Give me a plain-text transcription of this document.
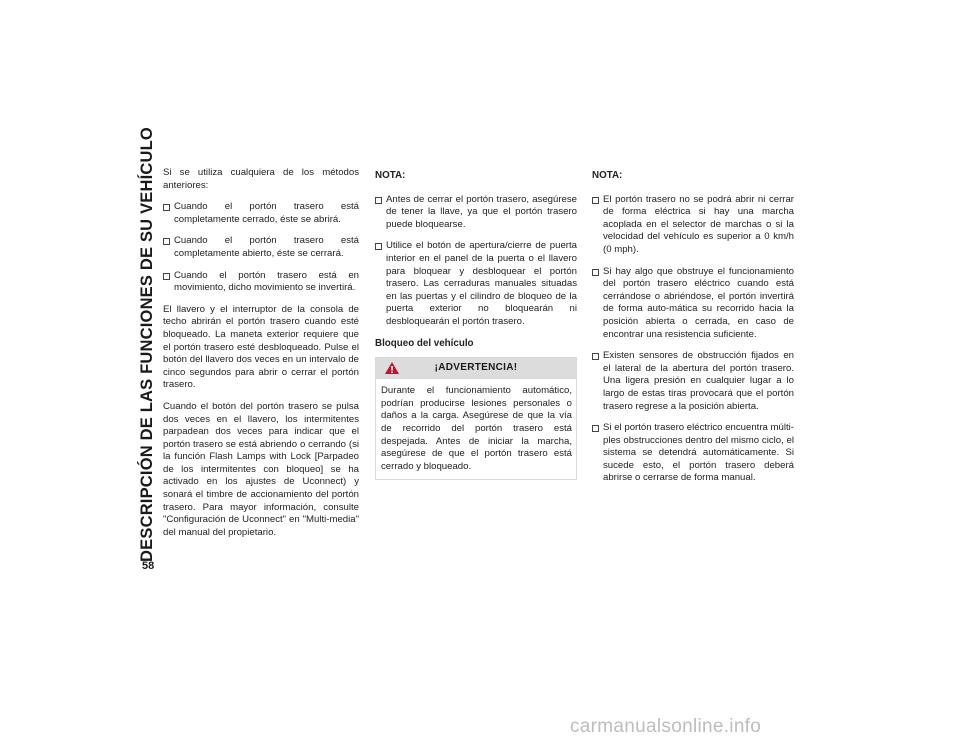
DESCRIPCIÓN DE LAS FUNCIONES DE SU VEHÍCULO
58

Si se utiliza cualquiera de los métodos anteriores:

Cuando el portón trasero está completamente cerrado, éste se abrirá.
Cuando el portón trasero está completamente abierto, éste se cerrará.
Cuando el portón trasero está en movimiento, dicho movimiento se invertirá.

El llavero y el interruptor de la consola de techo abrirán el portón trasero cuando esté bloqueado. La maneta exterior requiere que el portón trasero esté desbloqueado. Pulse el botón del llavero dos veces en un intervalo de cinco segundos para abrir o cerrar el portón trasero.

Cuando el botón del portón trasero se pulsa dos veces en el llavero, los intermitentes parpadean dos veces para indicar que el portón trasero se está abriendo o cerrando (si la función Flash Lamps with Lock [Parpadeo de los intermitentes con bloqueo] se ha activado en los ajustes de Uconnect) y sonará el timbre de accionamiento del portón trasero. Para mayor información, consulte "Configuración de Uconnect" en "Multi-media" del manual del propietario.

NOTA:
Antes de cerrar el portón trasero, asegúrese de tener la llave, ya que el portón trasero puede bloquearse.
Utilice el botón de apertura/cierre de puerta interior en el panel de la puerta o el llavero para bloquear y desbloquear el portón trasero. Las cerraduras manuales situadas en las puertas y el cilindro de bloqueo de la puerta exterior no bloquearán ni desbloquearán el portón trasero.
Bloqueo del vehículo
¡ADVERTENCIA!

Durante el funcionamiento automático, podrían producirse lesiones personales o daños a la carga. Asegúrese de que la vía de recorrido del portón trasero está despejada. Antes de iniciar la marcha, asegúrese de que el portón trasero está cerrado y bloqueado.

NOTA:
El portón trasero no se podrá abrir ni cerrar de forma eléctrica si hay una marcha acoplada en el selector de marchas o si la velocidad del vehículo es superior a 0 km/h (0 mph).
Si hay algo que obstruye el funcionamiento del portón trasero eléctrico cuando está cerrándose o abriéndose, el portón invertirá de forma auto-mática su recorrido hacia la posición abierta o cerrada, en caso de encontrar una resistencia suficiente.
Existen sensores de obstrucción fijados en el lateral de la abertura del portón trasero. Una ligera presión en cualquier lugar a lo largo de estas tiras provocará que el portón trasero regrese a la posición abierta.
Si el portón trasero eléctrico encuentra múlti-ples obstrucciones dentro del mismo ciclo, el sistema se detendrá automáticamente. Si sucede esto, el portón trasero deberá abrirse o cerrarse de forma manual.
carmanualsonline.info
